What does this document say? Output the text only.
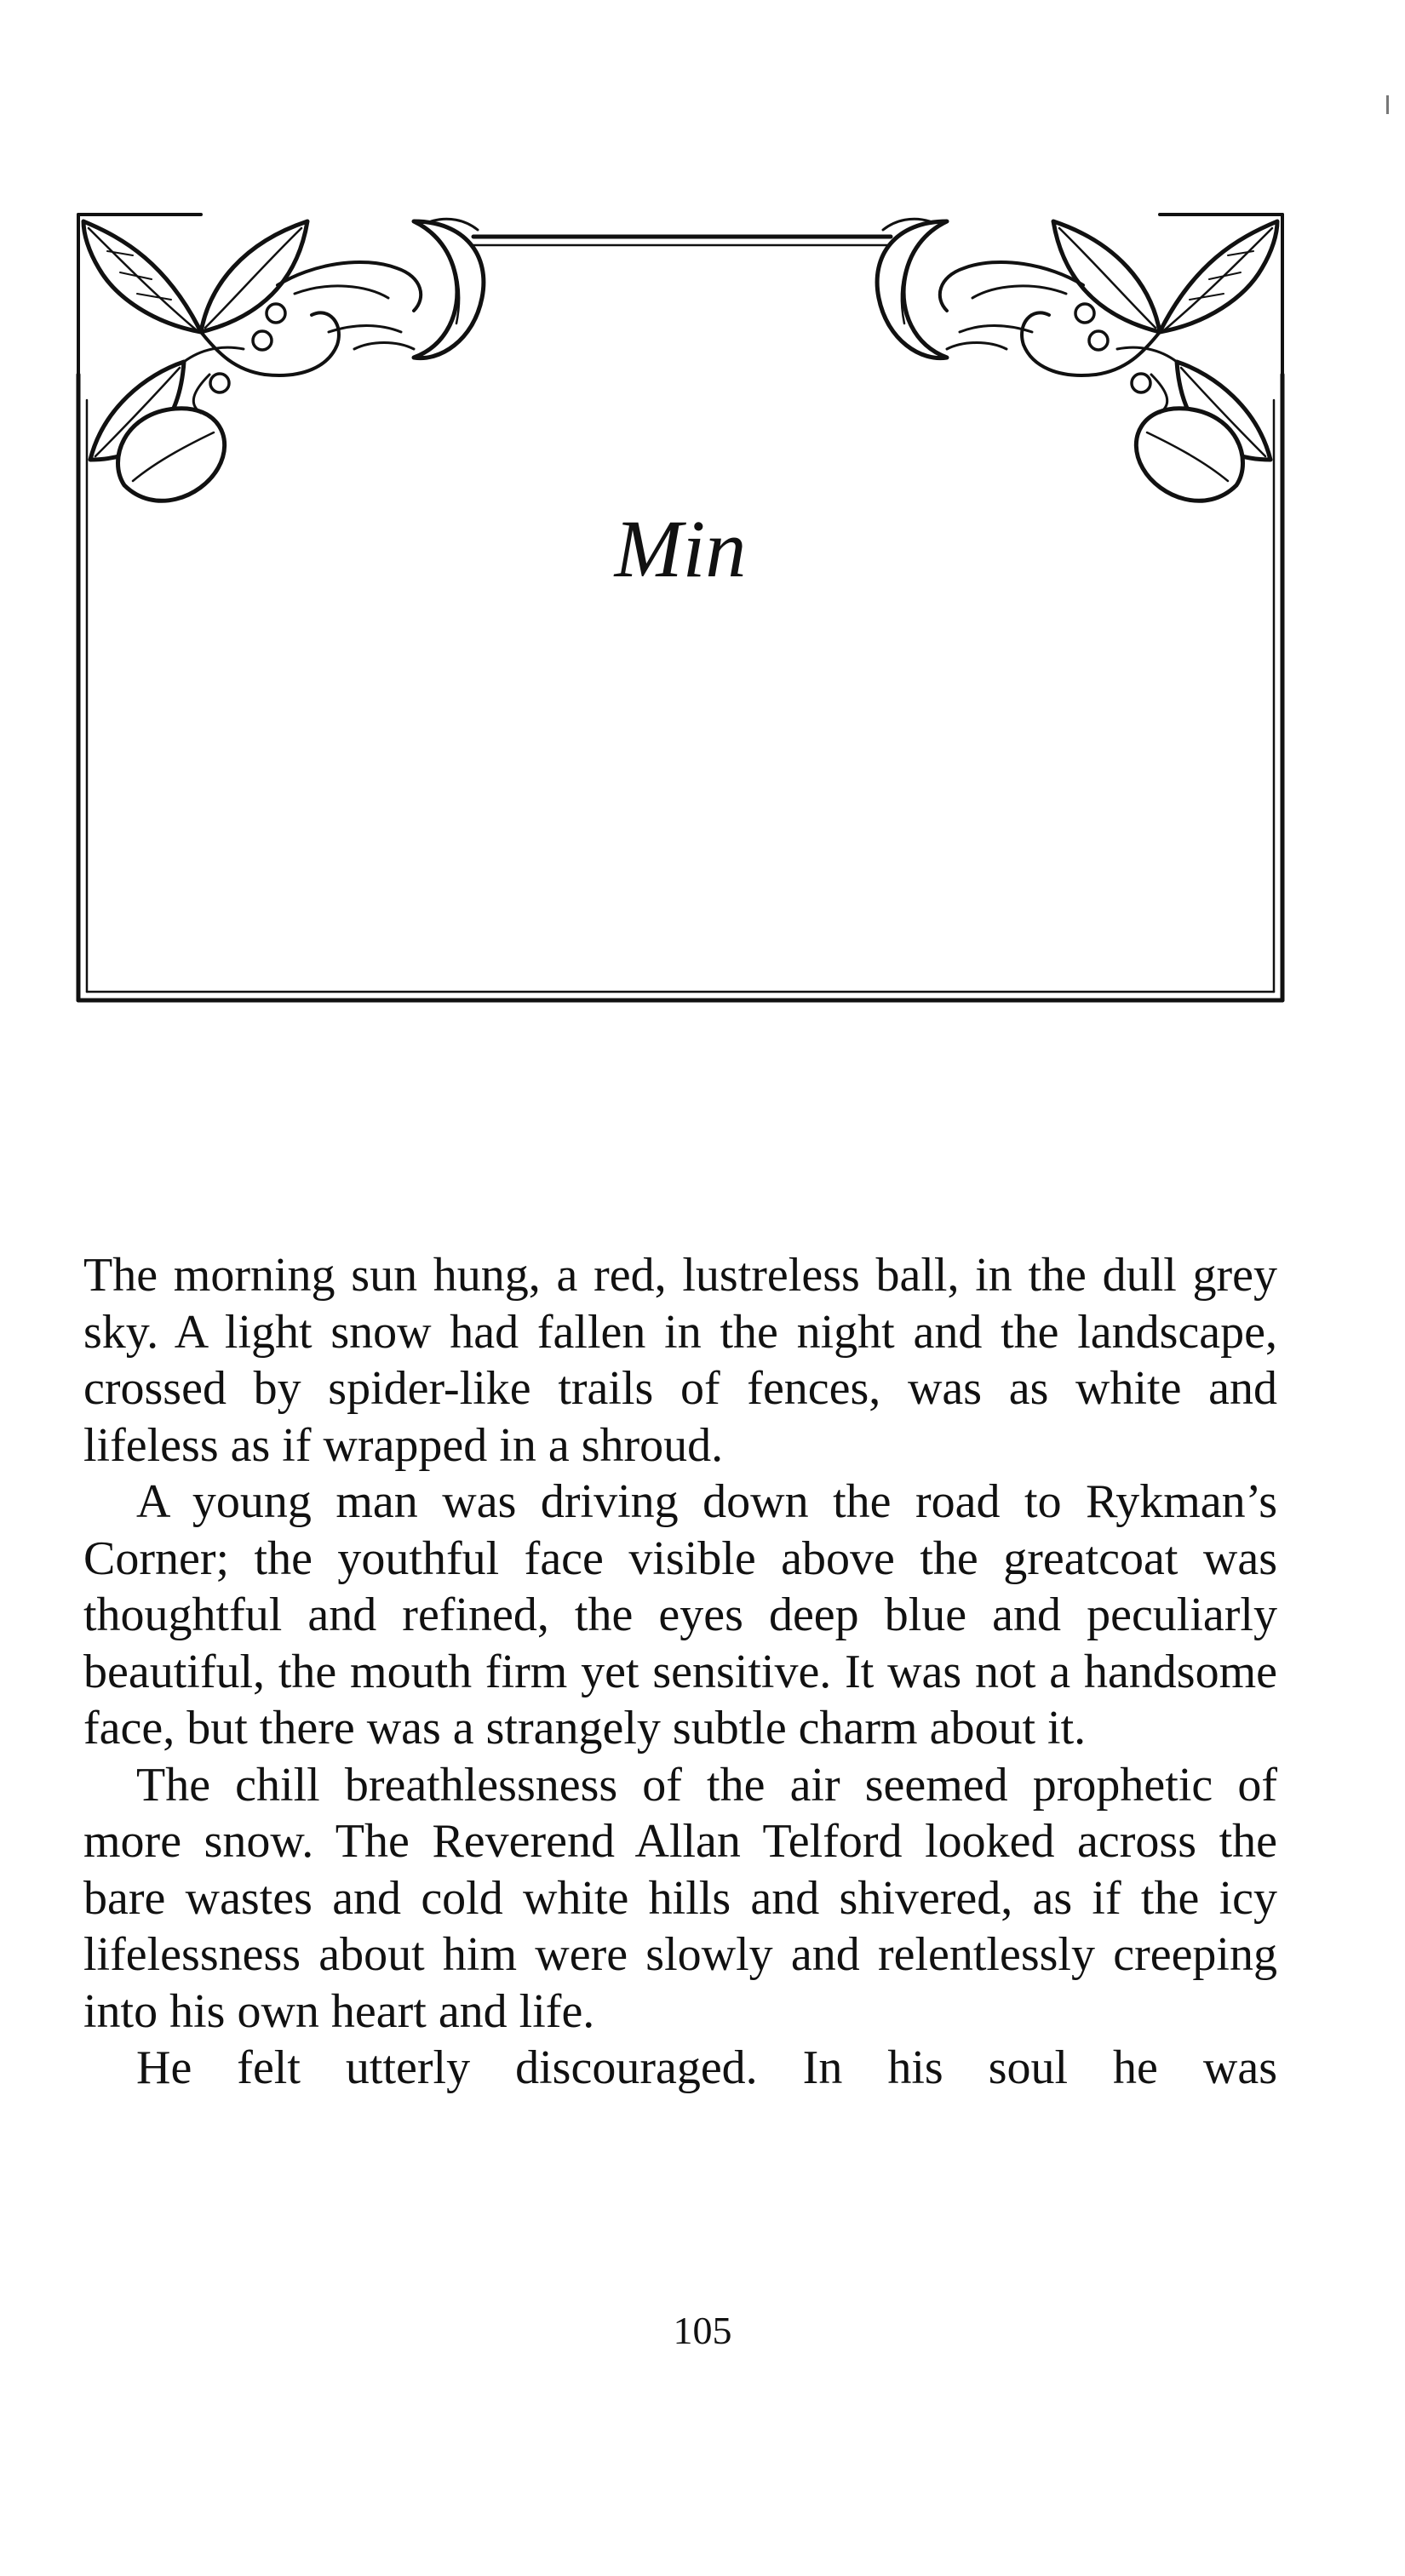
Min

The morning sun hung, a red, lustreless ball, in the dull grey sky. A light snow had fallen in the night and the landscape, crossed by spider-like trails of fences, was as white and lifeless as if wrapped in a shroud.

A young man was driving down the road to Rykman’s Corner; the youthful face visible above the greatcoat was thoughtful and refined, the eyes deep blue and peculiarly beautiful, the mouth firm yet sensitive. It was not a handsome face, but there was a strangely subtle charm about it.

The chill breathlessness of the air seemed prophetic of more snow. The Reverend Allan Telford looked across the bare wastes and cold white hills and shivered, as if the icy lifelessness about him were slowly and relentlessly creeping into his own heart and life.

He felt utterly discouraged. In his soul he was

105
